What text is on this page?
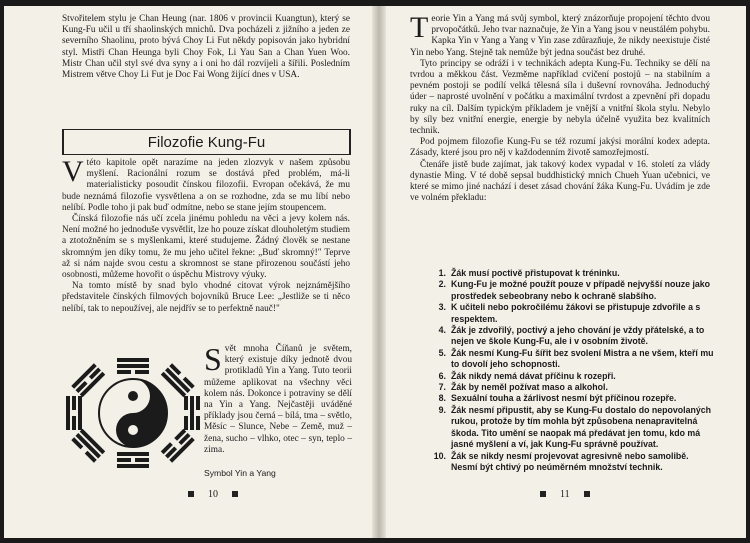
Stvořitelem stylu je Chan Heung (nar. 1806 v provincii Kuangtun), který se Kung-Fu učil u tří shaolinských mnichů. Dva pocházeli z jižního a jeden ze severního Shaolinu, proto bývá Choy Li Fut někdy popisován jako hybridní styl. Mistři Chan Heunga byli Choy Fok, Li Yau San a Chan Yuen Woo. Mistr Chan učil styl své dva syny a i oni ho dál rozvíjeli a šířili. Posledním Mistrem větve Choy Li Fut je Doc Fai Wong žijící dnes v USA.

Filozofie Kung-Fu

Vtéto kapitole opět narazíme na jeden zlozvyk v našem způsobu myšlení. Racionální rozum se dostává před problém, má-li materialisticky posoudit čínskou filozofii. Evropan očekává, že mu bude neznámá filozofie vysvětlena a on se rozhodne, zda se mu líbí nebo nelíbí. Podle toho ji pak buď odmítne, nebo se stane jejím stoupencem.

Čínská filozofie nás učí zcela jinému pohledu na věci a jevy kolem nás. Není možné ho jednoduše vysvětlit, lze ho pouze získat dlouholetým studiem a ztotožněním se s myšlenkami, které studujeme. Žádný člověk se nestane skromným jen díky tomu, že mu jeho učitel řekne: „Buď skromný!" Teprve až si nám najde svou cestu a skromnost se stane přirozenou součástí jeho osobnosti, můžeme hovořit o úspěchu Mistrovy výuky.

Na tomto místě by snad bylo vhodné citovat výrok nejznámějšího představitele čínských filmových bojovníků Bruce Lee: „Jestliže se ti něco nelíbí, tak to nepoužívej, ale nejdřív se to perfektně nauč!"

Svět mnoha Číňanů je světem, který existuje díky jednotě dvou protikladů Yin a Yang. Tuto teorii můžeme aplikovat na všechny věci kolem nás. Dokonce i potraviny se dělí na Yin a Yang. Nejčastěji uváděné příklady jsou černá – bílá, tma – světlo, Měsíc – Slunce, Nebe – Země, muž – žena, sucho – vlhko, otec – syn, teplo – zima.

Symbol Yin a Yang
10

Teorie Yin a Yang má svůj symbol, který znázorňuje propojení těchto dvou prvopočátků. Jeho tvar naznačuje, že Yin a Yang jsou v neustálém pohybu. Kapka Yin v Yang a Yang v Yin zase zdůrazňuje, že nikdy neexistuje čisté Yin nebo Yang. Stejně tak nemůže být jedna součást bez druhé.

Tyto principy se odráží i v technikách adepta Kung-Fu. Techniky se dělí na tvrdou a měkkou část. Vezměme například cvičení postojů – na stabilním a pevném postoji se podílí velká tělesná síla i duševní rovnováha. Jednoduchý úder – naprosté uvolnění v počátku a maximální tvrdost a zpevnění při dopadu ruky na cíl. Dalším typickým příkladem je vnější a vnitřní škola stylu. Nebylo by síly bez vnitřní energie, energie by nebyla účelně využita bez kvalitních technik.

Pod pojmem filozofie Kung-Fu se též rozumí jakýsi morální kodex adepta. Zásady, které jsou pro něj v každodenním životě samozřejmostí.

Čtenáře jistě bude zajímat, jak takový kodex vypadal v 16. století za vlády dynastie Ming. V té době sepsal buddhistický mnich Chueh Yuan učebnici, ve které se mimo jiné nachází i deset zásad chování žáka Kung-Fu. Uvádím je zde ve volném překladu:

1. Žák musí poctivě přistupovat k tréninku.
2. Kung-Fu je možné použít pouze v případě nejvyšší nouze jako prostředek sebeobrany nebo k ochraně slabšího.
3. K učiteli nebo pokročilému žákovi se přistupuje zdvořile a s respektem.
4. Žák je zdvořilý, poctivý a jeho chování je vždy přátelské, a to nejen ve škole Kung-Fu, ale i v osobním životě.
5. Žák nesmí Kung-Fu šířit bez svolení Mistra a ne všem, kteří mu to dovolí jeho schopnosti.
6. Žák nikdy nemá dávat příčinu k rozepři.
7. Žák by neměl požívat maso a alkohol.
8. Sexuální touha a žárlivost nesmí být příčinou rozepře.
9. Žák nesmí připustit, aby se Kung-Fu dostalo do nepovolaných rukou, protože by tím mohla být způsobena nenapravitelná škoda. Tito umění se naopak má předávat jen tomu, kdo má jasné myšlení a ví, jak Kung-Fu správně používat.
10. Žák se nikdy nesmí projevovat agresivně nebo samolibě. Nesmí být chtivý po neúměrném množství technik.
11
